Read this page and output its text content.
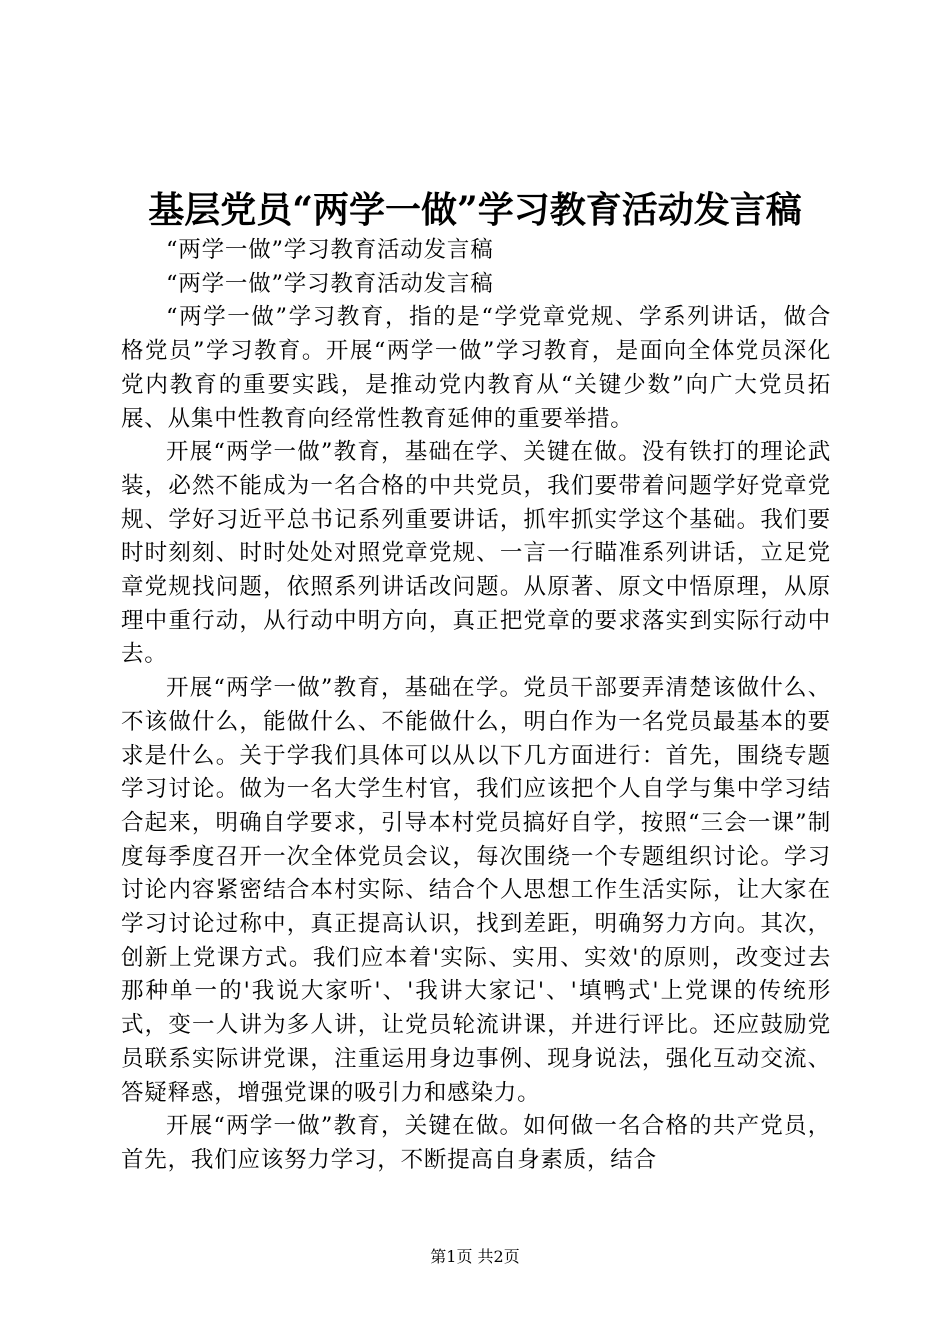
基层党员“两学一做”学习教育活动发言稿

“两学一做”学习教育活动发言稿

“两学一做”学习教育活动发言稿

“两学一做”学习教育，指的是“学党章党规、学系列讲话，做合格党员”学习教育。开展“两学一做”学习教育，是面向全体党员深化党内教育的重要实践，是推动党内教育从“关键少数”向广大党员拓展、从集中性教育向经常性教育延伸的重要举措。

开展“两学一做”教育，基础在学、关键在做。没有铁打的理论武装，必然不能成为一名合格的中共党员，我们要带着问题学好党章党规、学好习近平总书记系列重要讲话，抓牢抓实学这个基础。我们要时时刻刻、时时处处对照党章党规、一言一行瞄准系列讲话，立足党章党规找问题，依照系列讲话改问题。从原著、原文中悟原理，从原理中重行动，从行动中明方向，真正把党章的要求落实到实际行动中去。

开展“两学一做”教育，基础在学。党员干部要弄清楚该做什么、不该做什么，能做什么、不能做什么，明白作为一名党员最基本的要求是什么。关于学我们具体可以从以下几方面进行：首先，围绕专题学习讨论。做为一名大学生村官，我们应该把个人自学与集中学习结合起来，明确自学要求，引导本村党员搞好自学，按照“三会一课”制度每季度召开一次全体党员会议，每次围绕一个专题组织讨论。学习讨论内容紧密结合本村实际、结合个人思想工作生活实际，让大家在学习讨论过称中，真正提高认识，找到差距，明确努力方向。其次，创新上党课方式。我们应本着'实际、实用、实效'的原则，改变过去那种单一的'我说大家听'、'我讲大家记'、'填鸭式'上党课的传统形式，变一人讲为多人讲，让党员轮流讲课，并进行评比。还应鼓励党员联系实际讲党课，注重运用身边事例、现身说法，强化互动交流、答疑释惑，增强党课的吸引力和感染力。

开展“两学一做”教育，关键在做。如何做一名合格的共产党员，首先，我们应该努力学习，不断提高自身素质，结合

第1页 共2页
